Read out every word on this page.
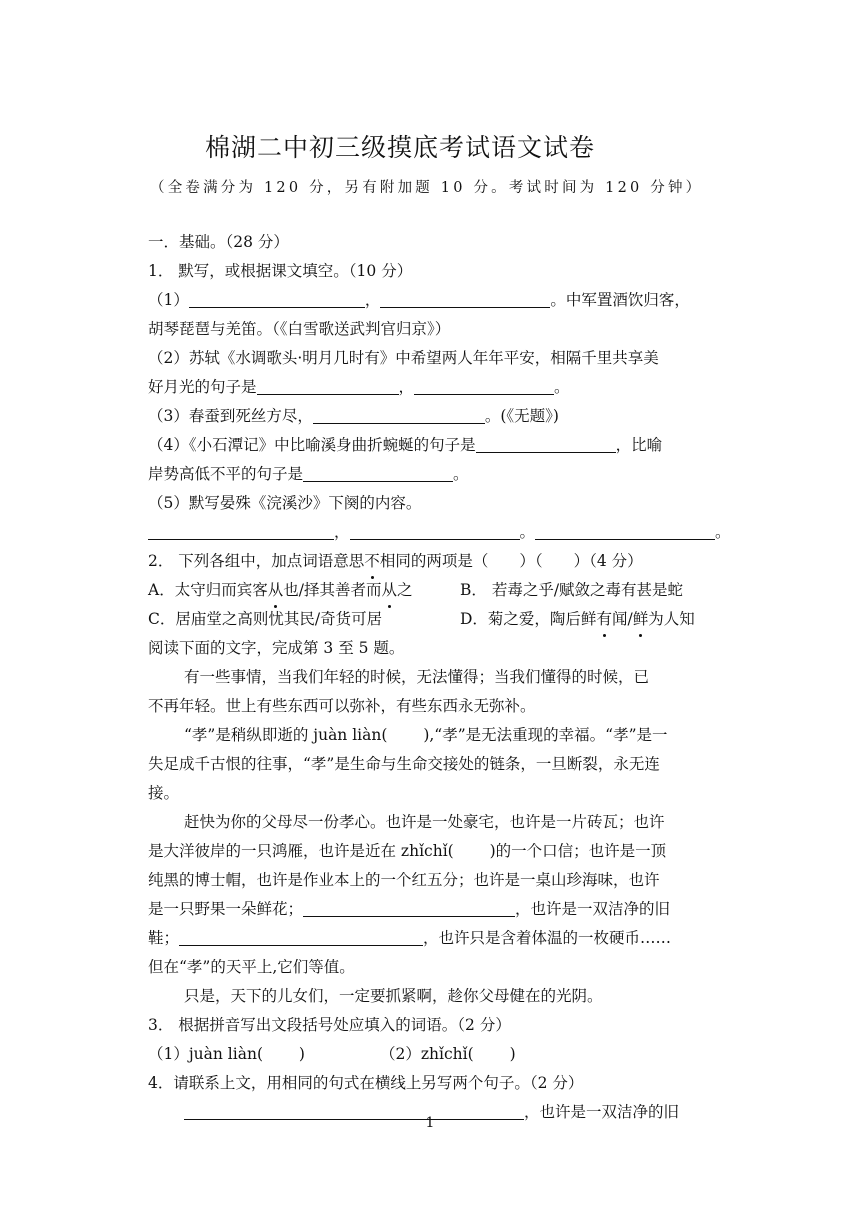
棉湖二中初三级摸底考试语文试卷
（全卷满分为 120 分，另有附加题 10 分。考试时间为 120 分钟）
一．基础。（28 分）
1． 默写，或根据课文填空。（10 分）
（1）	，	。中军置酒饮归客，
胡琴琵琶与羌笛。（《白雪歌送武判官归京》）
（2）苏轼《水调歌头·明月几时有》中希望两人年年平安，相隔千里共享美
好月光的句子是	，	。
（3）春蚕到死丝方尽，	。(《无题》)
（4）《小石潭记》中比喻溪身曲折蜿蜒的句子是	，比喻
岸势高低不平的句子是	。
（5）默写晏殊《浣溪沙》下阕的内容。
，	。	。
2． 下列各组中，加点词语意思不相同的两项是（　　）（　　）（4 分）
A．太守归而宾客从也/择其善者而从之	B． 若毒之乎/赋敛之毒有甚是蛇
C．居庙堂之高则忧其民/奇货可居	D．菊之爱，陶后鲜有闻/鲜为人知
阅读下面的文字，完成第 3 至 5 题。
有一些事情，当我们年轻的时候，无法懂得；当我们懂得的时候，已
不再年轻。世上有些东西可以弥补，有些东西永无弥补。
“孝”是稍纵即逝的 juàn liàn(　　 ),“孝”是无法重现的幸福。“孝”是一
失足成千古恨的往事，“孝”是生命与生命交接处的链条，一旦断裂，永无连
接。
赶快为你的父母尽一份孝心。也许是一处豪宅，也许是一片砖瓦；也许
是大洋彼岸的一只鸿雁，也许是近在 zhǐchǐ(　　 )的一个口信；也许是一顶
纯黑的博士帽，也许是作业本上的一个红五分；也许是一桌山珍海味，也许
是一只野果一朵鲜花；	，也许是一双洁净的旧
鞋；	，也许只是含着体温的一枚硬币……
但在“孝”的天平上,它们等值。
只是，天下的儿女们，一定要抓紧啊，趁你父母健在的光阴。
3． 根据拼音写出文段括号处应填入的词语。（2 分）
（1）juàn liàn(　　 )	（2）zhǐchǐ(　　 )
4．请联系上文，用相同的句式在横线上另写两个句子。（2 分）
，也许是一双洁净的旧
1
